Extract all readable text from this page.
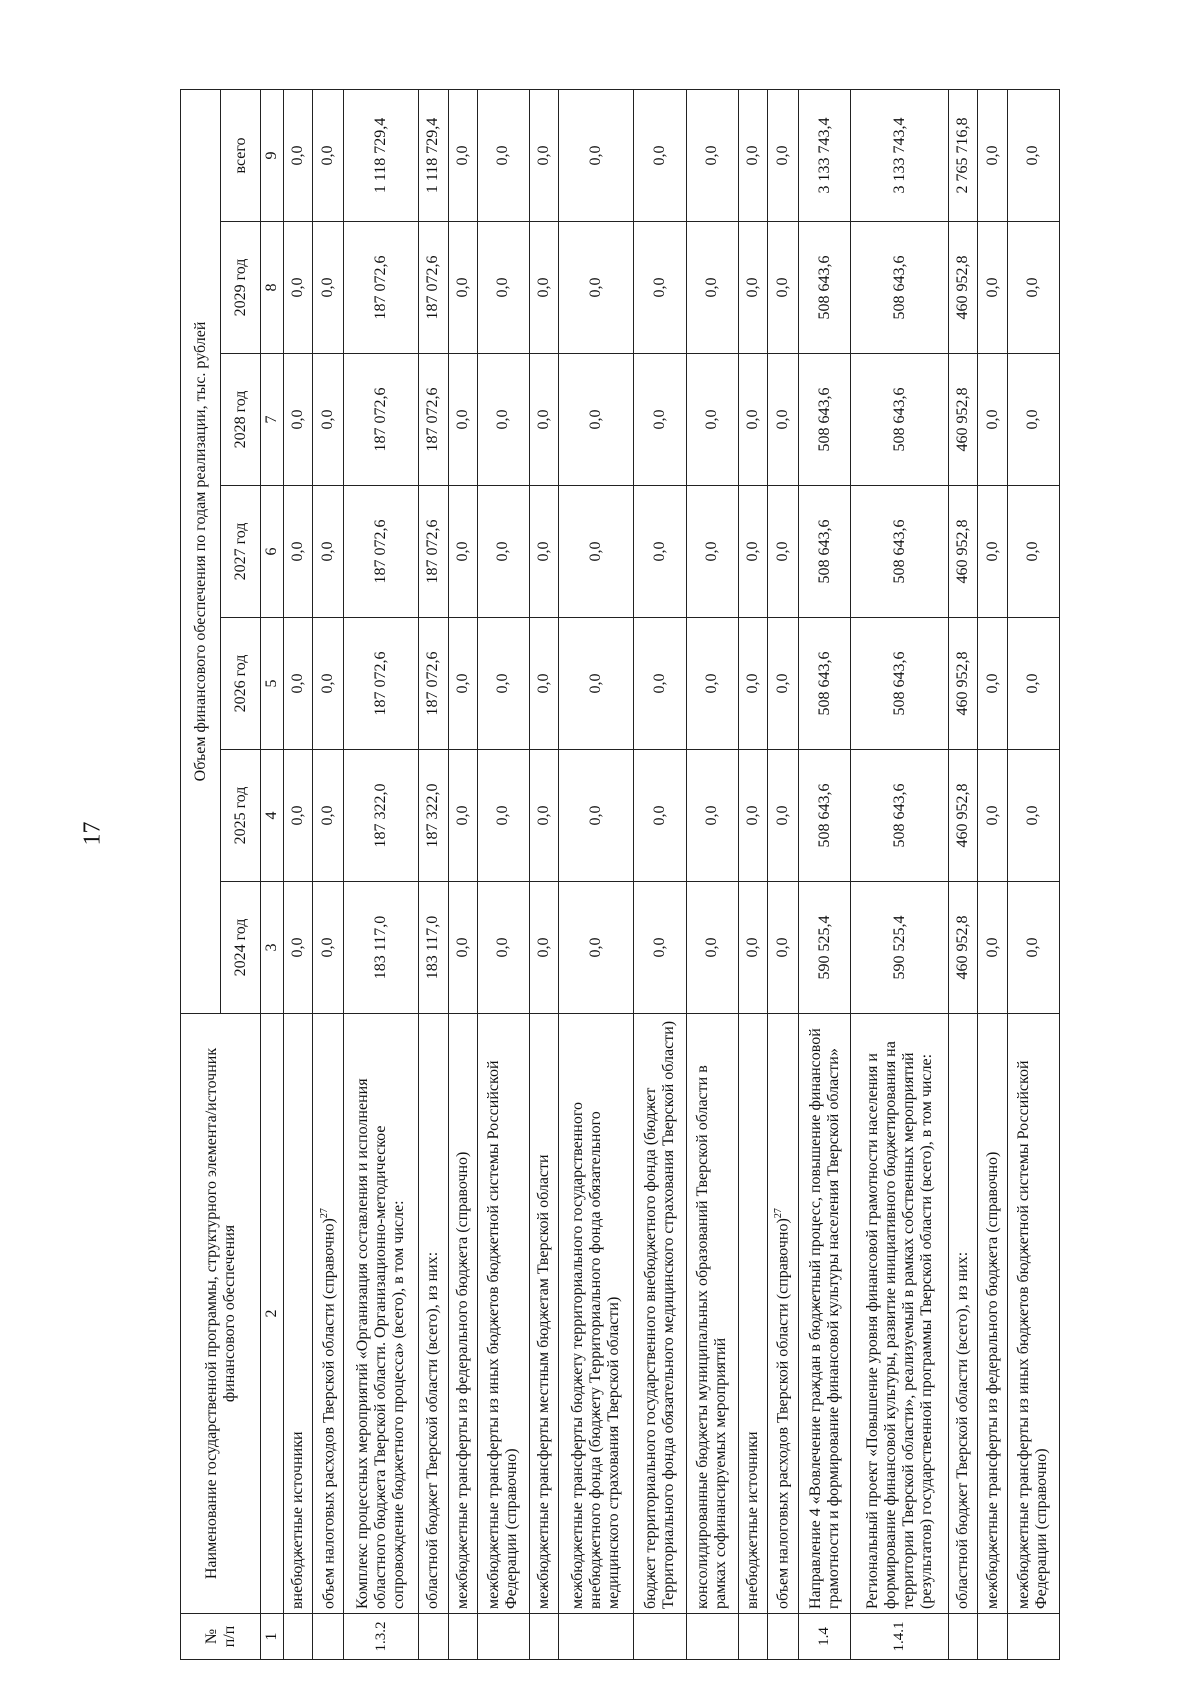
17
№
п/п	Наименование государственной программы, структурного элемента/источник финансового обеспечения	Объем финансового обеспечения по годам реализации, тыс. рублей						
		2024 год	2025 год	2026 год	2027 год	2028 год	2029 год	всего
1	2	3	4	5	6	7	8	9
	внебюджетные источники	0,0	0,0	0,0	0,0	0,0	0,0	0,0
	объем налоговых расходов Тверской области (справочно)$^{27}$	0,0	0,0	0,0	0,0	0,0	0,0	0,0
1.3.2	Комплекс процессных мероприятий «Организация составления и исполнения областного бюджета Тверской области. Организационно-методическое сопровождение бюджетного процесса» (всего), в том числе:	183 117,0	187 322,0	187 072,6	187 072,6	187 072,6	187 072,6	1 118 729,4
	областной бюджет Тверской области (всего), из них:	183 117,0	187 322,0	187 072,6	187 072,6	187 072,6	187 072,6	1 118 729,4
	межбюджетные трансферты из федерального бюджета (справочно)	0,0	0,0	0,0	0,0	0,0	0,0	0,0
	межбюджетные трансферты из иных бюджетов бюджетной системы Российской Федерации (справочно)	0,0	0,0	0,0	0,0	0,0	0,0	0,0
	межбюджетные трансферты местным бюджетам Тверской области	0,0	0,0	0,0	0,0	0,0	0,0	0,0
	межбюджетные трансферты бюджету территориального государственного внебюджетного фонда (бюджету Территориального фонда обязательного медицинского страхования Тверской области)	0,0	0,0	0,0	0,0	0,0	0,0	0,0
	бюджет территориального государственного внебюджетного фонда (бюджет Территориального фонда обязательного медицинского страхования Тверской области)	0,0	0,0	0,0	0,0	0,0	0,0	0,0
	консолидированные бюджеты муниципальных образований Тверской области в рамках софинансируемых мероприятий	0,0	0,0	0,0	0,0	0,0	0,0	0,0
	внебюджетные источники	0,0	0,0	0,0	0,0	0,0	0,0	0,0
	объем налоговых расходов Тверской области (справочно)$^{27}$	0,0	0,0	0,0	0,0	0,0	0,0	0,0
1.4	Направление 4 «Вовлечение граждан в бюджетный процесс, повышение финансовой грамотности и формирование финансовой культуры населения Тверской области»	590 525,4	508 643,6	508 643,6	508 643,6	508 643,6	508 643,6	3 133 743,4
1.4.1	Региональный проект «Повышение уровня финансовой грамотности населения и формирование финансовой культуры, развитие инициативного бюджетирования на территории Тверской области», реализуемый в рамках собственных мероприятий (результатов) государственной программы Тверской области (всего), в том числе:	590 525,4	508 643,6	508 643,6	508 643,6	508 643,6	508 643,6	3 133 743,4
	областной бюджет Тверской области (всего), из них:	460 952,8	460 952,8	460 952,8	460 952,8	460 952,8	460 952,8	2 765 716,8
	межбюджетные трансферты из федерального бюджета (справочно)	0,0	0,0	0,0	0,0	0,0	0,0	0,0
	межбюджетные трансферты из иных бюджетов бюджетной системы Российской Федерации (справочно)	0,0	0,0	0,0	0,0	0,0	0,0	0,0
